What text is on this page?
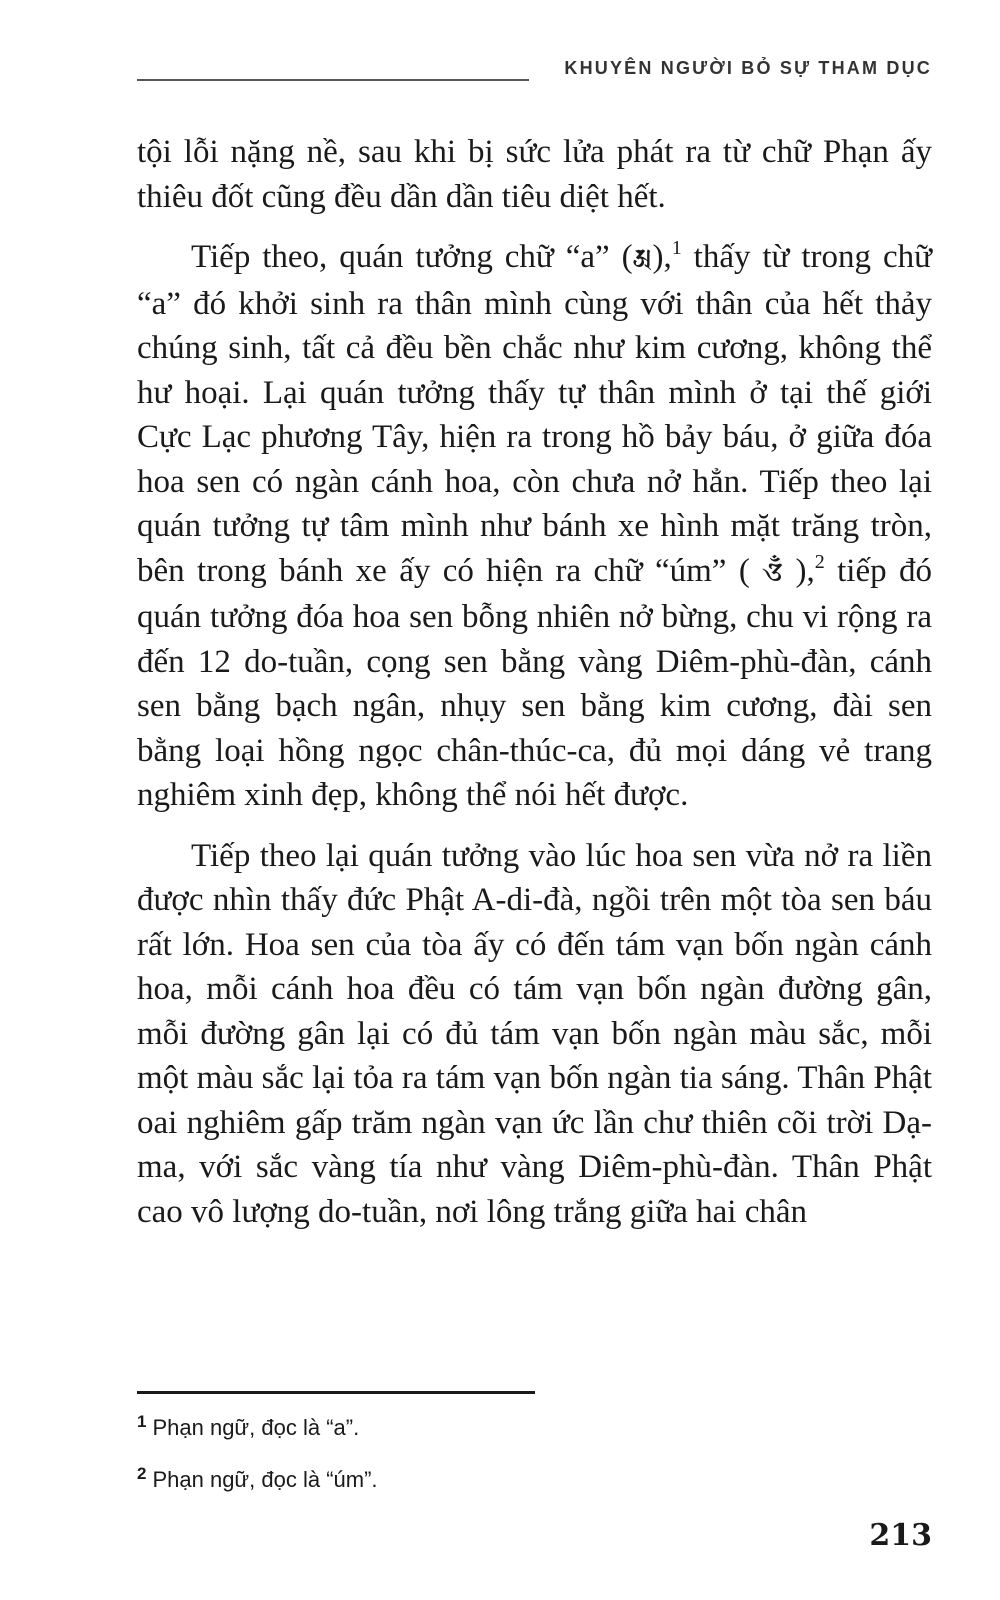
KHUYÊN NGƯỜI BỎ SỰ THAM DỤC

tội lỗi nặng nề, sau khi bị sức lửa phát ra từ chữ Phạn ấy thiêu đốt cũng đều dần dần tiêu diệt hết.

Tiếp theo, quán tưởng chữ “a” (𑖀),$^1$ thấy từ trong chữ “a” đó khởi sinh ra thân mình cùng với thân của hết thảy chúng sinh, tất cả đều bền chắc như kim cương, không thể hư hoại. Lại quán tưởng thấy tự thân mình ở tại thế giới Cực Lạc phương Tây, hiện ra trong hồ bảy báu, ở giữa đóa hoa sen có ngàn cánh hoa, còn chưa nở hẳn. Tiếp theo lại quán tưởng tự tâm mình như bánh xe hình mặt trăng tròn, bên trong bánh xe ấy có hiện ra chữ “úm” ( 𑖌𑖼 ),$^2$ tiếp đó quán tưởng đóa hoa sen bỗng nhiên nở bừng, chu vi rộng ra đến 12 do-tuần, cọng sen bằng vàng Diêm-phù-đàn, cánh sen bằng bạch ngân, nhụy sen bằng kim cương, đài sen bằng loại hồng ngọc chân-thúc-ca, đủ mọi dáng vẻ trang nghiêm xinh đẹp, không thể nói hết được.

Tiếp theo lại quán tưởng vào lúc hoa sen vừa nở ra liền được nhìn thấy đức Phật A-di-đà, ngồi trên một tòa sen báu rất lớn. Hoa sen của tòa ấy có đến tám vạn bốn ngàn cánh hoa, mỗi cánh hoa đều có tám vạn bốn ngàn đường gân, mỗi đường gân lại có đủ tám vạn bốn ngàn màu sắc, mỗi một màu sắc lại tỏa ra tám vạn bốn ngàn tia sáng. Thân Phật oai nghiêm gấp trăm ngàn vạn ức lần chư thiên cõi trời Dạ-ma, với sắc vàng tía như vàng Diêm-phù-đàn. Thân Phật cao vô lượng do-tuần, nơi lông trắng giữa hai chân

$^1$ Phạn ngữ, đọc là “a”.
$^2$ Phạn ngữ, đọc là “úm”.
213
